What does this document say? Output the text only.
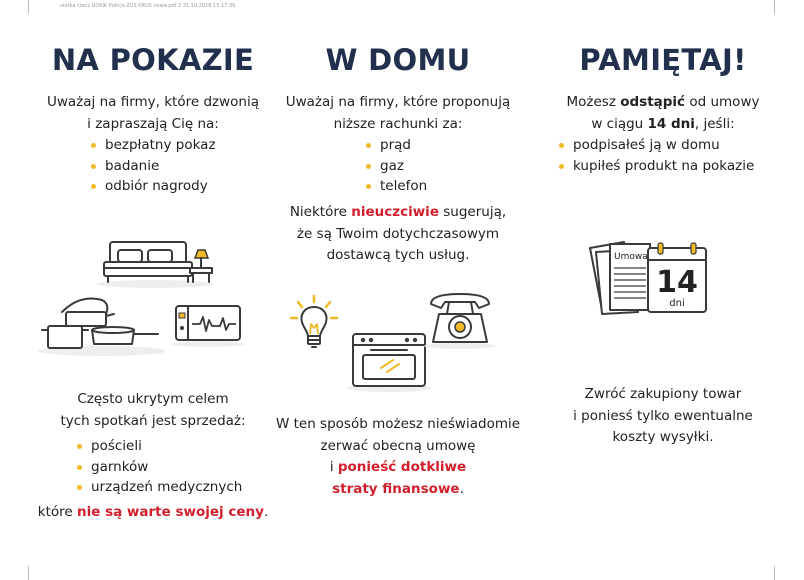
ulotka rzecz UOKiK Policja ZUS KRUS nowa.pdf 2 31.10.2018 15:17:36
NA POKAZIE
Uważaj na firmy, które dzwonią
i zapraszają Cię na:
bezpłatny pokaz
badanie
odbiór nagrody
Często ukrytym celem
tych spotkań jest sprzedaż:
pościeli
garnków
urządzeń medycznych
które nie są warte swojej ceny.
W DOMU
Uważaj na firmy, które proponują
niższe rachunki za:
prąd
gaz
telefon
Niektóre nieuczciwie sugerują,
że są Twoim dotychczasowym
dostawcą tych usług.
W ten sposób możesz nieświadomie
zerwać obecną umowę
i ponieść dotkliwe
straty finansowe.
PAMIĘTAJ!
Możesz odstąpić od umowy
w ciągu 14 dni, jeśli:
podpisałeś ją w domu
kupiłeś produkt na pokazie
Zwróć zakupiony towar
i poniesś tylko ewentualne
koszty wysyłki.
Umowa
14
dni
